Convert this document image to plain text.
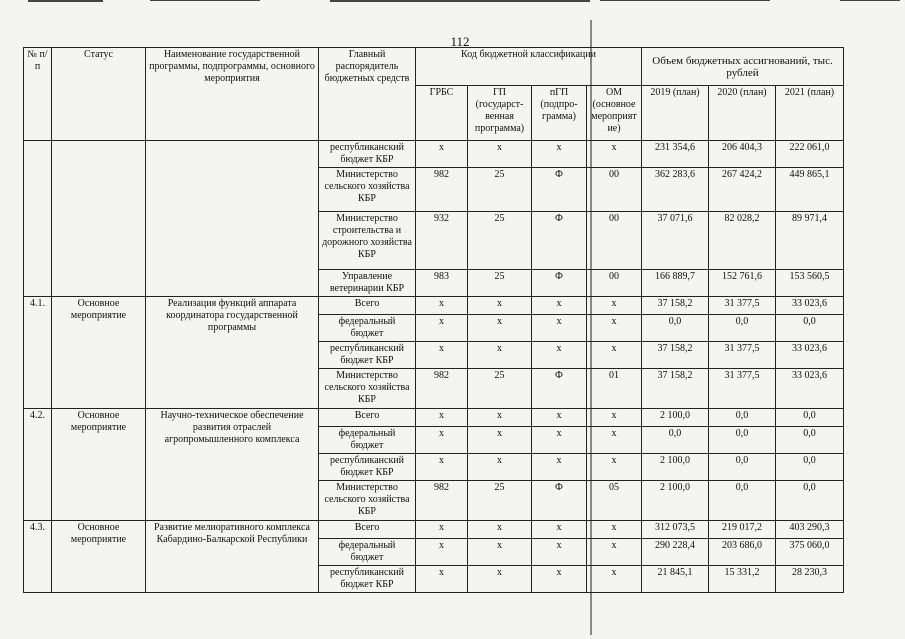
112
№ п/п	Статус	Наименование государственной программы, подпрограммы, основного мероприятия	Главный распорядитель бюджетных средств	Код бюджетной классификации				Объем бюджетных ассигнований, тыс. рублей		
				ГРБС	ГП (государст-венная программа)	пГП (подпро-грамма)	ОМ (основное мероприят ие)	2019 (план)	2020 (план)	2021 (план)
			республиканский бюджет КБР	х	х	х	х	231 354,6	206 404,3	222 061,0
			Министерство сельского хозяйства КБР	982	25	Ф	00	362 283,6	267 424,2	449 865,1
			Министерство строительства и дорожного хозяйства КБР	932	25	Ф	00	37 071,6	82 028,2	89 971,4
			Управление ветеринарии КБР	983	25	Ф	00	166 889,7	152 761,6	153 560,5
4.1.	Основное мероприятие	Реализация функций аппарата координатора государственной программы	Всего	х	х	х	х	37 158,2	31 377,5	33 023,6
			федеральный бюджет	х	х	х	х	0,0	0,0	0,0
			республиканский бюджет КБР	х	х	х	х	37 158,2	31 377,5	33 023,6
			Министерство сельского хозяйства КБР	982	25	Ф	01	37 158,2	31 377,5	33 023,6
4.2.	Основное мероприятие	Научно-техническое обеспечение развития отраслей агропромышленного комплекса	Всего	х	х	х	х	2 100,0	0,0	0,0
			федеральный бюджет	х	х	х	х	0,0	0,0	0,0
			республиканский бюджет КБР	х	х	х	х	2 100,0	0,0	0,0
			Министерство сельского хозяйства КБР	982	25	Ф	05	2 100,0	0,0	0,0
4.3.	Основное мероприятие	Развитие мелиоративного комплекса Кабардино-Балкарской Республики	Всего	х	х	х	х	312 073,5	219 017,2	403 290,3
			федеральный бюджет	х	х	х	х	290 228,4	203 686,0	375 060,0
			республиканский бюджет КБР	х	х	х	х	21 845,1	15 331,2	28 230,3
